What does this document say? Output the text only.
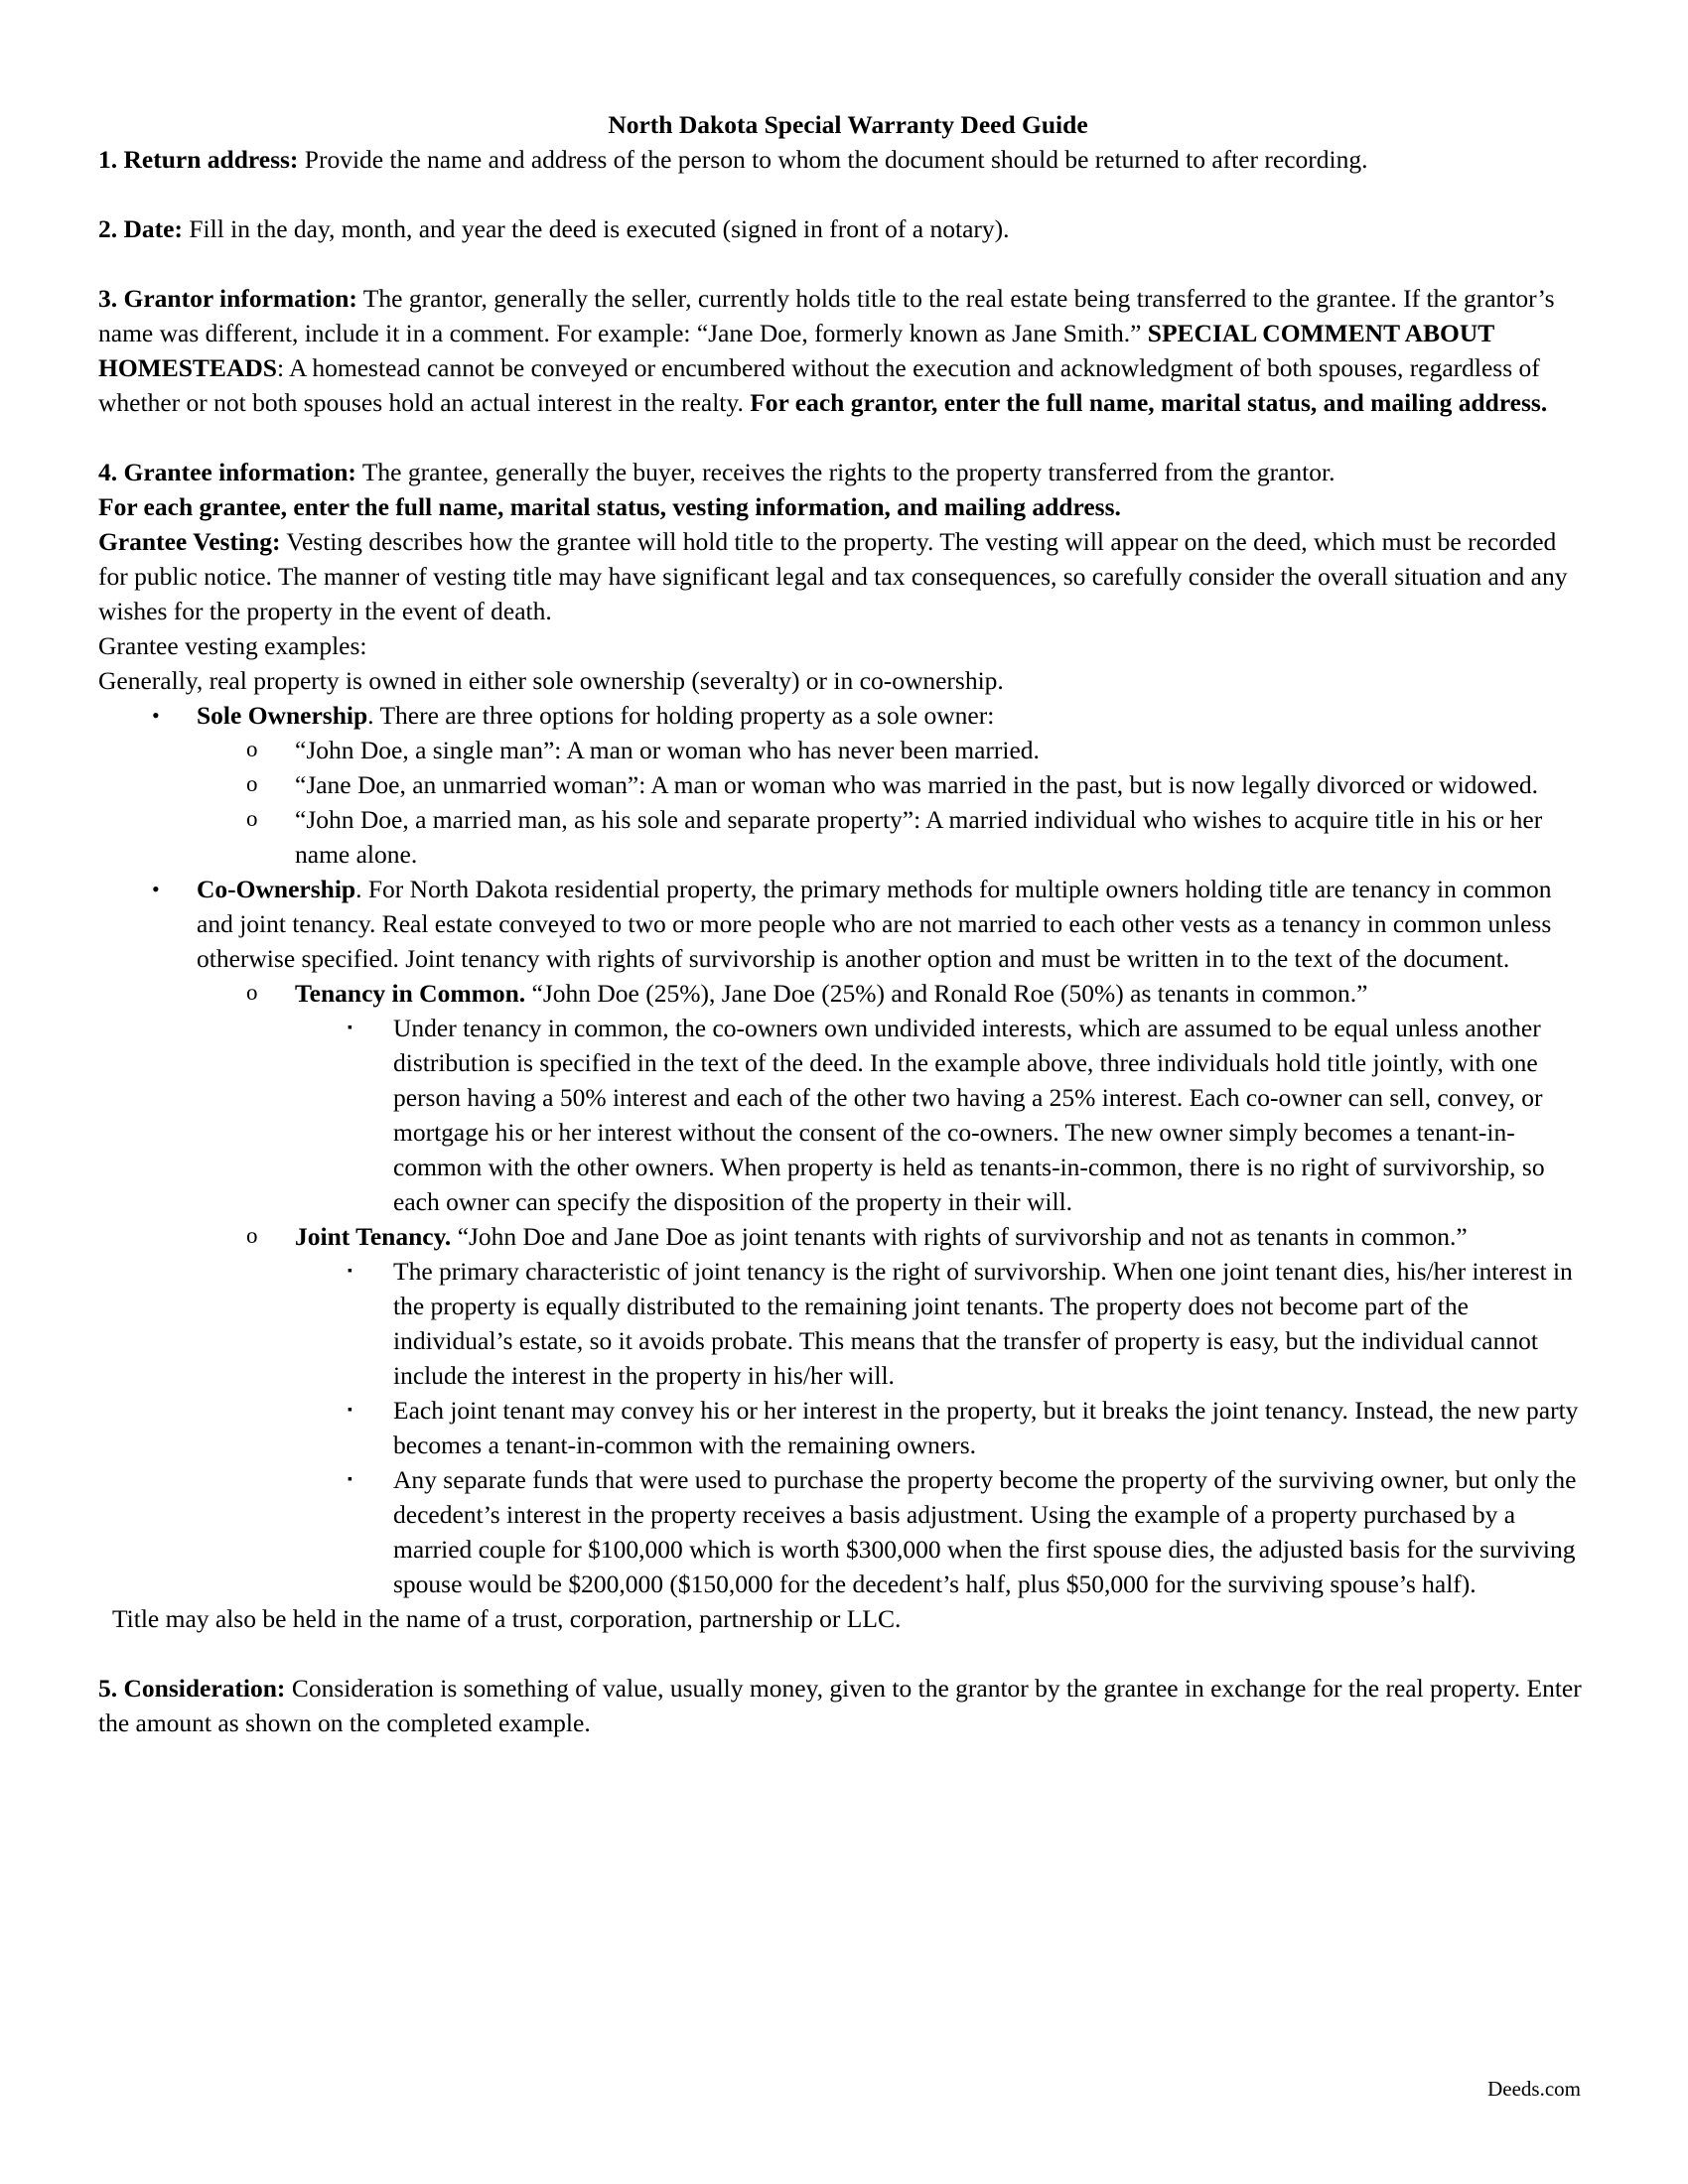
North Dakota Special Warranty Deed Guide

1. Return address: Provide the name and address of the person to whom the document should be returned to after recording.

2. Date: Fill in the day, month, and year the deed is executed (signed in front of a notary).

3. Grantor information: The grantor, generally the seller, currently holds title to the real estate being transferred to the grantee. If the grantor’s name was different, include it in a comment. For example: “Jane Doe, formerly known as Jane Smith.” SPECIAL COMMENT ABOUT HOMESTEADS: A homestead cannot be conveyed or encumbered without the execution and acknowledgment of both spouses, regardless of whether or not both spouses hold an actual interest in the realty. For each grantor, enter the full name, marital status, and mailing address.

4. Grantee information: The grantee, generally the buyer, receives the rights to the property transferred from the grantor.

For each grantee, enter the full name, marital status, vesting information, and mailing address.

Grantee Vesting: Vesting describes how the grantee will hold title to the property. The vesting will appear on the deed, which must be recorded for public notice. The manner of vesting title may have significant legal and tax consequences, so carefully consider the overall situation and any wishes for the property in the event of death.

Grantee vesting examples:

Generally, real property is owned in either sole ownership (severalty) or in co-ownership.

• Sole Ownership. There are three options for holding property as a sole owner:
o “John Doe, a single man”: A man or woman who has never been married.
o “Jane Doe, an unmarried woman”: A man or woman who was married in the past, but is now legally divorced or widowed.
o “John Doe, a married man, as his sole and separate property”: A married individual who wishes to acquire title in his or her name alone.
• Co-Ownership. For North Dakota residential property, the primary methods for multiple owners holding title are tenancy in common and joint tenancy. Real estate conveyed to two or more people who are not married to each other vests as a tenancy in common unless otherwise specified. Joint tenancy with rights of survivorship is another option and must be written in to the text of the document.
o Tenancy in Common. “John Doe (25%), Jane Doe (25%) and Ronald Roe (50%) as tenants in common.”
▪ Under tenancy in common, the co-owners own undivided interests, which are assumed to be equal unless another distribution is specified in the text of the deed. In the example above, three individuals hold title jointly, with one person having a 50% interest and each of the other two having a 25% interest. Each co-owner can sell, convey, or mortgage his or her interest without the consent of the co-owners. The new owner simply becomes a tenant-in- common with the other owners. When property is held as tenants-in-common, there is no right of survivorship, so each owner can specify the disposition of the property in their will.
o Joint Tenancy. “John Doe and Jane Doe as joint tenants with rights of survivorship and not as tenants in common.”
▪ The primary characteristic of joint tenancy is the right of survivorship. When one joint tenant dies, his/her interest in the property is equally distributed to the remaining joint tenants. The property does not become part of the individual’s estate, so it avoids probate. This means that the transfer of property is easy, but the individual cannot include the interest in the property in his/her will.
▪ Each joint tenant may convey his or her interest in the property, but it breaks the joint tenancy. Instead, the new party becomes a tenant-in-common with the remaining owners.
▪ Any separate funds that were used to purchase the property become the property of the surviving owner, but only the decedent’s interest in the property receives a basis adjustment. Using the example of a property purchased by a married couple for $100,000 which is worth $300,000 when the first spouse dies, the adjusted basis for the surviving spouse would be $200,000 ($150,000 for the decedent’s half, plus $50,000 for the surviving spouse’s half).

Title may also be held in the name of a trust, corporation, partnership or LLC.

5. Consideration: Consideration is something of value, usually money, given to the grantor by the grantee in exchange for the real property. Enter the amount as shown on the completed example.

Deeds.com
